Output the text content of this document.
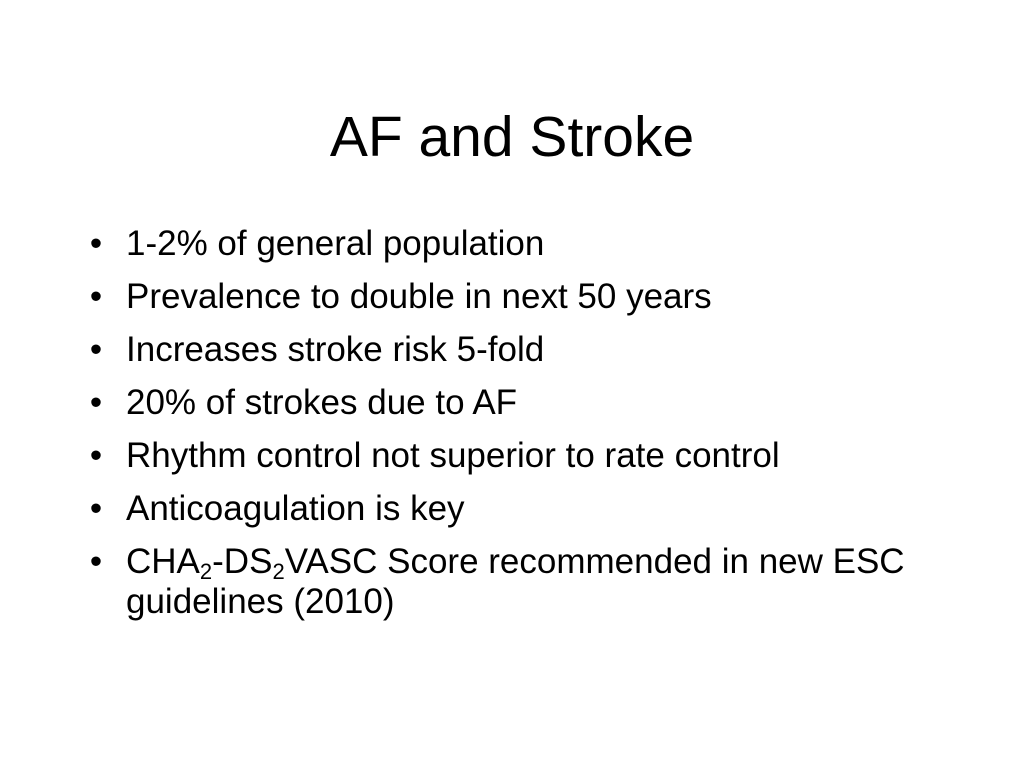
AF and Stroke
• 1-2% of general population
• Prevalence to double in next 50 years
• Increases stroke risk 5-fold
• 20% of strokes due to AF
• Rhythm control not superior to rate control
• Anticoagulation is key
• $CHA_2-DS_2VASC$ Score recommended in new ESC guidelines (2010)
